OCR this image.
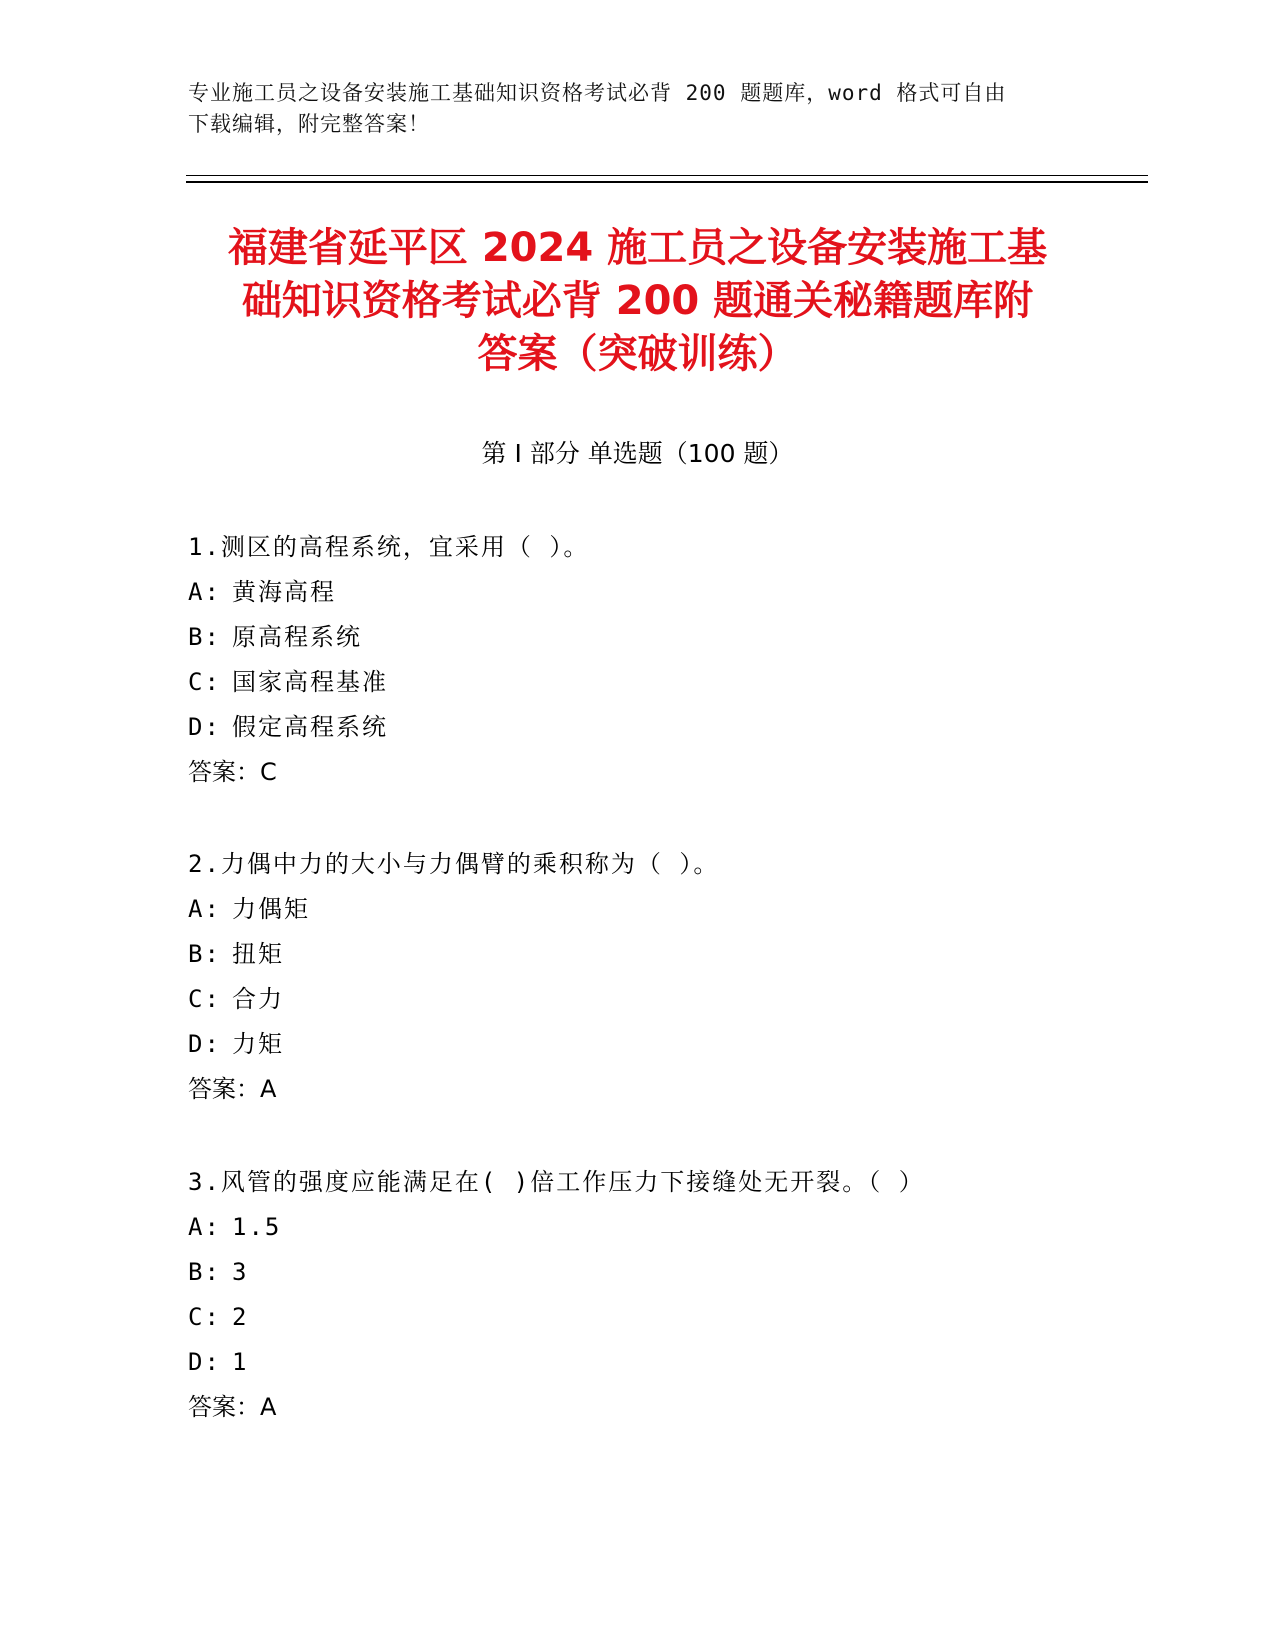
专业施工员之设备安装施工基础知识资格考试必背 200 题题库，word 格式可自由
下载编辑，附完整答案！
福建省延平区 2024 施工员之设备安装施工基
础知识资格考试必背 200 题通关秘籍题库附
答案（突破训练）
第 I 部分 单选题（100 题）
1.测区的高程系统，宜采用（ ）。
A: 黄海高程
B: 原高程系统
C: 国家高程基准
D: 假定高程系统
答案：C
2.力偶中力的大小与力偶臂的乘积称为（ ）。
A: 力偶矩
B: 扭矩
C: 合力
D: 力矩
答案：A
3.风管的强度应能满足在( )倍工作压力下接缝处无开裂。（ ）
A: 1.5
B: 3
C: 2
D: 1
答案：A
